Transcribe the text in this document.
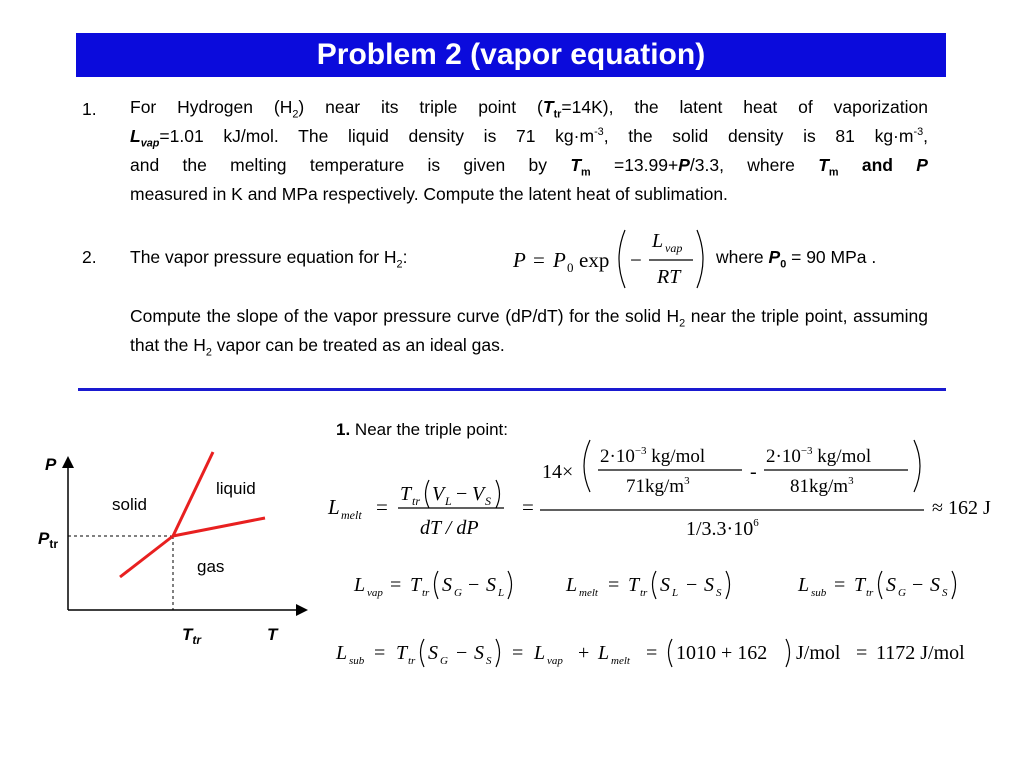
Problem 2 (vapor equation)
1. For Hydrogen $(H_2)$ near its triple point $(T_{tr}=14K)$, the latent heat of vaporization
$L_{vap}=1.01$ kJ/mol. The liquid density is 71 $kg\cdot m^{-3}$, the solid density is 81 $kg\cdot m^{-3}$,
and the melting temperature is given by $T_m =13.99+P/3.3$, where $T_m$ and P
measured in K and MPa respectively. Compute the latent heat of sublimation.
2. The vapor pressure equation for $H_2$:	P = P 0 exp −
L vap
RT
where $P_0 = 90$ MPa .
Compute the slope of the vapor pressure curve (dP/dT) for the solid $H_2$ near the triple point, assuming that the $H_2$ vapor can be treated as an ideal gas.
P
$P_{tr}$
T
$T_{tr}$
solid
liquid
gas
1. Near the triple point:
L melt =
T tr V L − V S
dT / dP
=
14×
$2\cdot 10^{-3}$ kg/mol
$71kg/m^3$	-
$2\cdot 10^{-3}$ kg/mol
$81kg/m^3$
$1/3.3\cdot 10^6$
≈ 162 J
L vap = T tr S G − S L	L melt = T tr S L − S S	L sub = T tr S G − S S
L sub = T tr S G − S S = L vap + L melt = 1010 + 162 J/mol = 1172 J/mol
